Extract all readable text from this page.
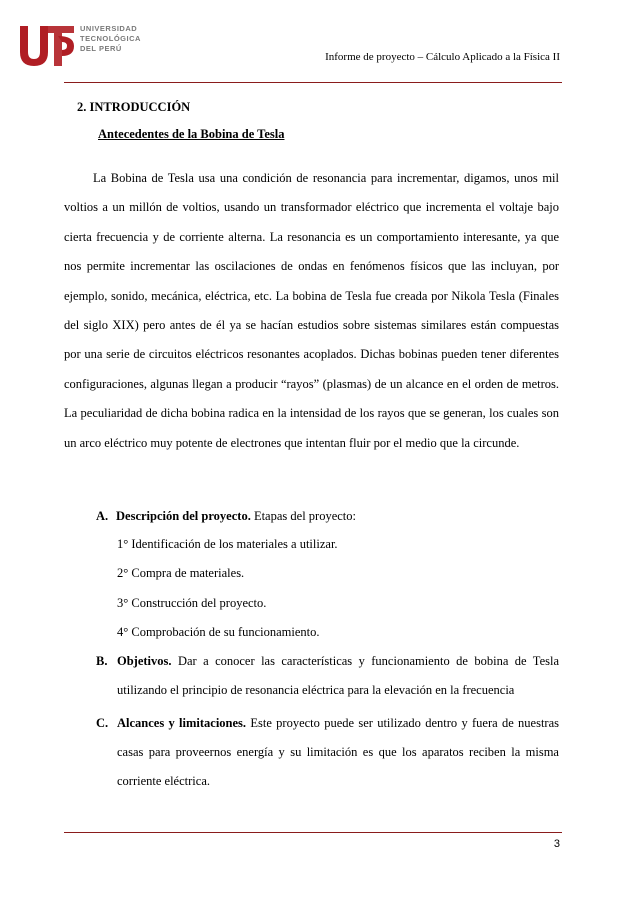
UNIVERSIDAD
TECNOLÓGICA
DEL PERÚ
Informe de proyecto – Cálculo Aplicado a la Física II
2. INTRODUCCIÓN
Antecedentes de la Bobina de Tesla

La Bobina de Tesla usa una condición de resonancia para incrementar, digamos, unos mil voltios a un millón de voltios, usando un transformador eléctrico que incrementa el voltaje bajo cierta frecuencia y de corriente alterna. La resonancia es un comportamiento interesante, ya que nos permite incrementar las oscilaciones de ondas en fenómenos físicos que las incluyan, por ejemplo, sonido, mecánica, eléctrica, etc. La bobina de Tesla fue creada por Nikola Tesla (Finales del siglo XIX) pero antes de él ya se hacían estudios sobre sistemas similares están compuestas por una serie de circuitos eléctricos resonantes acoplados. Dichas bobinas pueden tener diferentes configuraciones, algunas llegan a producir “rayos” (plasmas) de un alcance en el orden de metros. La peculiaridad de dicha bobina radica en la intensidad de los rayos que se generan, los cuales son un arco eléctrico muy potente de electrones que intentan fluir por el medio que la circunde.

A. Descripción del proyecto. Etapas del proyecto:
1° Identificación de los materiales a utilizar.
2° Compra de materiales.
3° Construcción del proyecto.
4° Comprobación de su funcionamiento.
B. Objetivos. Dar a conocer las características y funcionamiento de bobina de Tesla utilizando el principio de resonancia eléctrica para la elevación en la frecuencia

C. Alcances y limitaciones. Este proyecto puede ser utilizado dentro y fuera de nuestras casas para proveernos energía y su limitación es que los aparatos reciben la misma corriente eléctrica.

3
